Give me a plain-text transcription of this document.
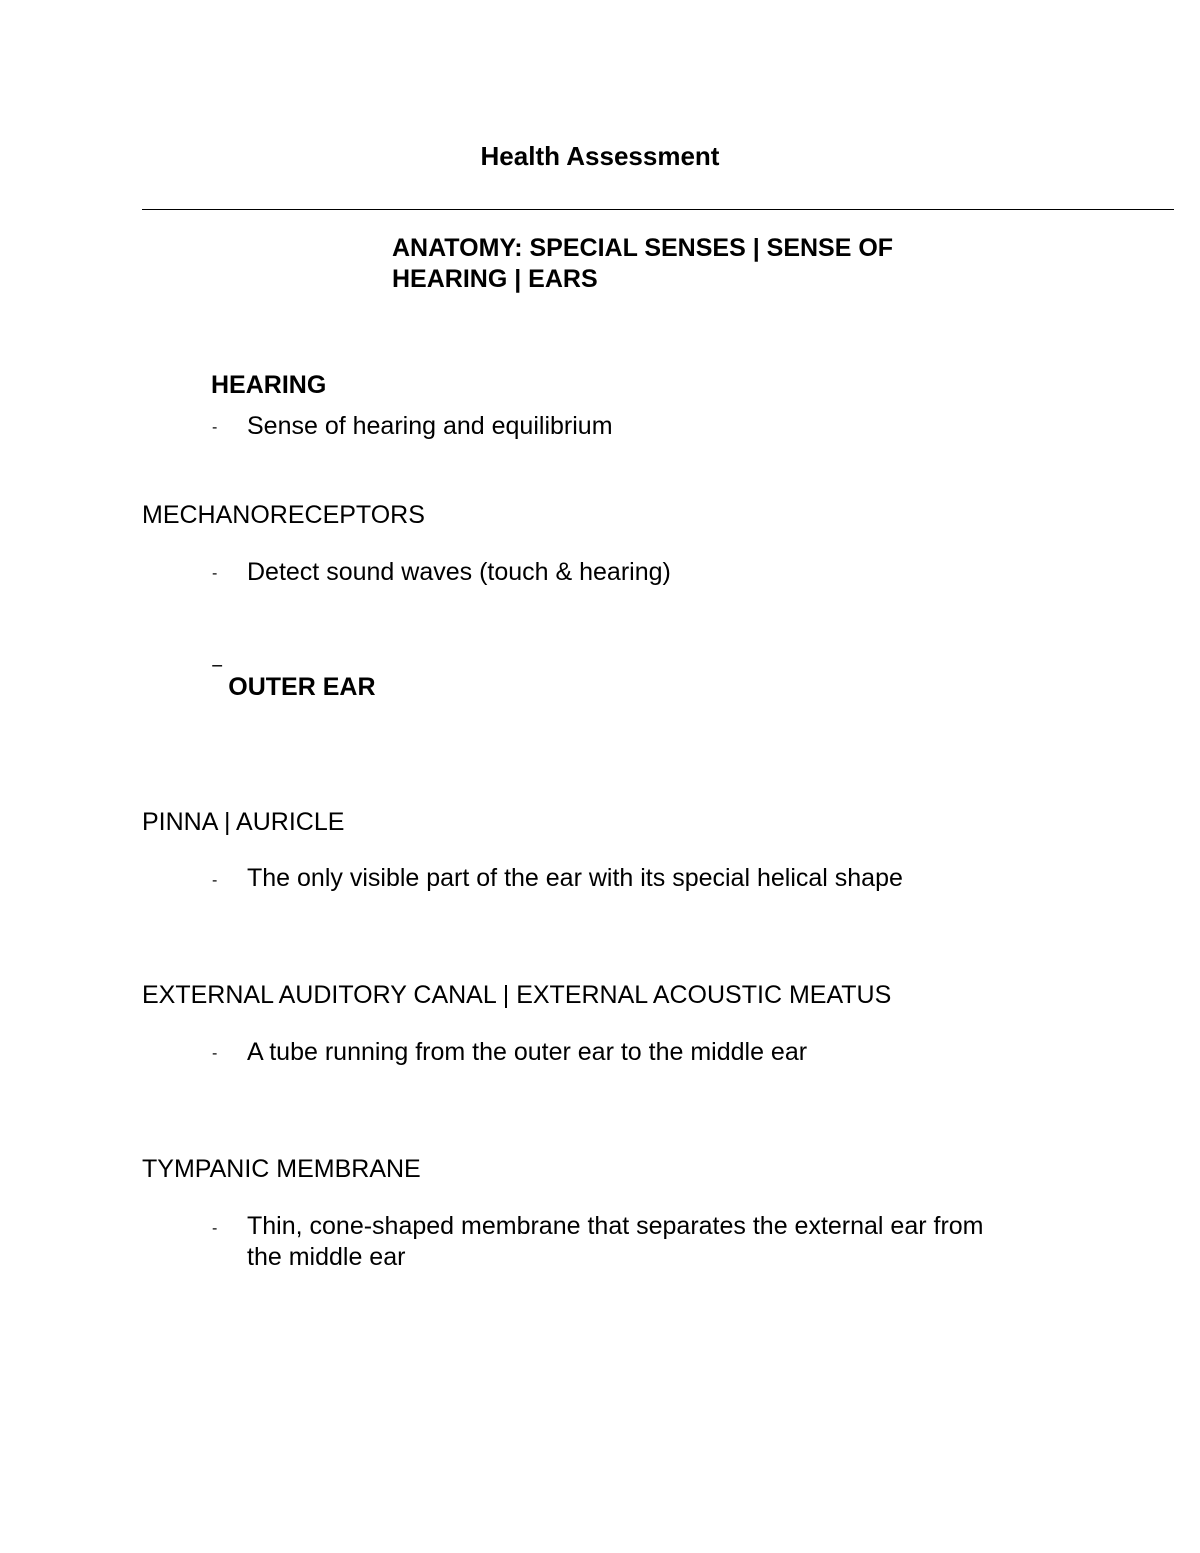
Health Assessment
ANATOMY: SPECIAL SENSES | SENSE OF
HEARING | EARS
HEARING
- Sense of hearing and equilibrium
MECHANORECEPTORS
- Detect sound waves (touch & hearing)
‾ OUTER EAR
PINNA | AURICLE
- The only visible part of the ear with its special helical shape
EXTERNAL AUDITORY CANAL | EXTERNAL ACOUSTIC MEATUS
- A tube running from the outer ear to the middle ear
TYMPANIC MEMBRANE
- Thin, cone-shaped membrane that separates the external ear from
the middle ear
